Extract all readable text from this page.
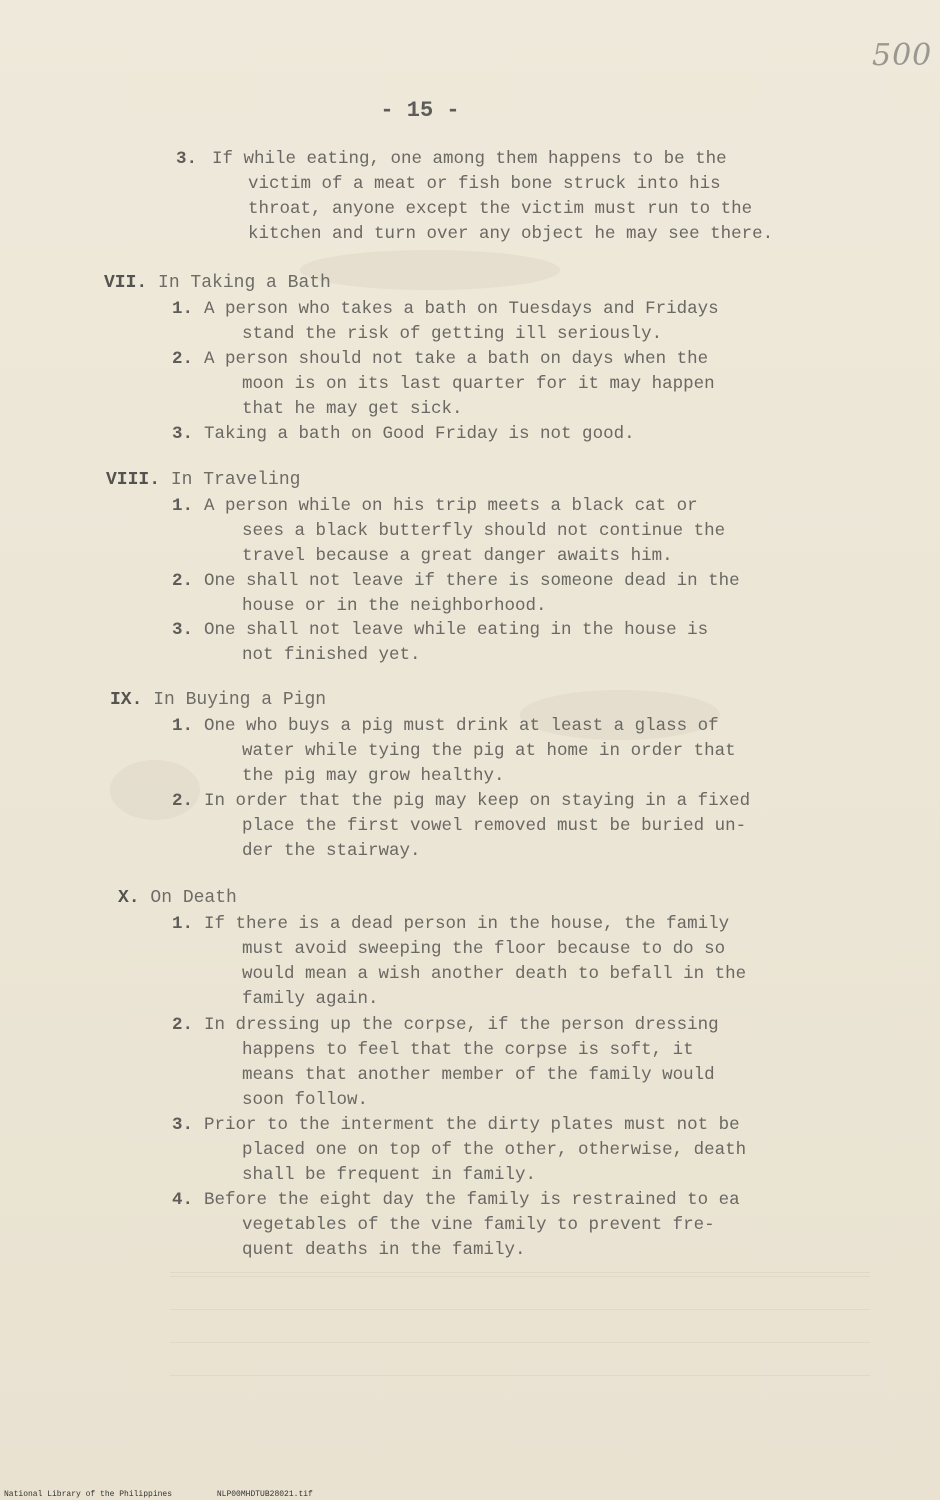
500
- 15 -
3. If while eating, one among them happens to be the
victim of a meat or fish bone struck into his
throat, anyone except the victim must run to the
kitchen and turn over any object he may see there.
VII. In Taking a Bath
1. A person who takes a bath on Tuesdays and Fridays
stand the risk of getting ill seriously.
2. A person should not take a bath on days when the
moon is on its last quarter for it may happen
that he may get sick.
3. Taking a bath on Good Friday is not good.
VIII. In Traveling
1. A person while on his trip meets a black cat or
sees a black butterfly should not continue the
travel because a great danger awaits him.
2. One shall not leave if there is someone dead in the
house or in the neighborhood.
3. One shall not leave while eating in the house is
not finished yet.
IX. In Buying a Pign
1. One who buys a pig must drink at least a glass of
water while tying the pig at home in order that
the pig may grow healthy.
2. In order that the pig may keep on staying in a fixed
place the first vowel removed must be buried un-
der the stairway.
X. On Death
1. If there is a dead person in the house, the family
must avoid sweeping the floor because to do so
would mean a wish another death to befall in the
family again.
2. In dressing up the corpse, if the person dressing
happens to feel that the corpse is soft, it
means that another member of the family would
soon follow.
3. Prior to the interment the dirty plates must not be
placed one on top of the other, otherwise, death
shall be frequent in family.
4. Before the eight day the family is restrained to ea
vegetables of the vine family to prevent fre-
quent deaths in the family.
National Library of the Philippines	NLP00MHDTUB28021.tif
